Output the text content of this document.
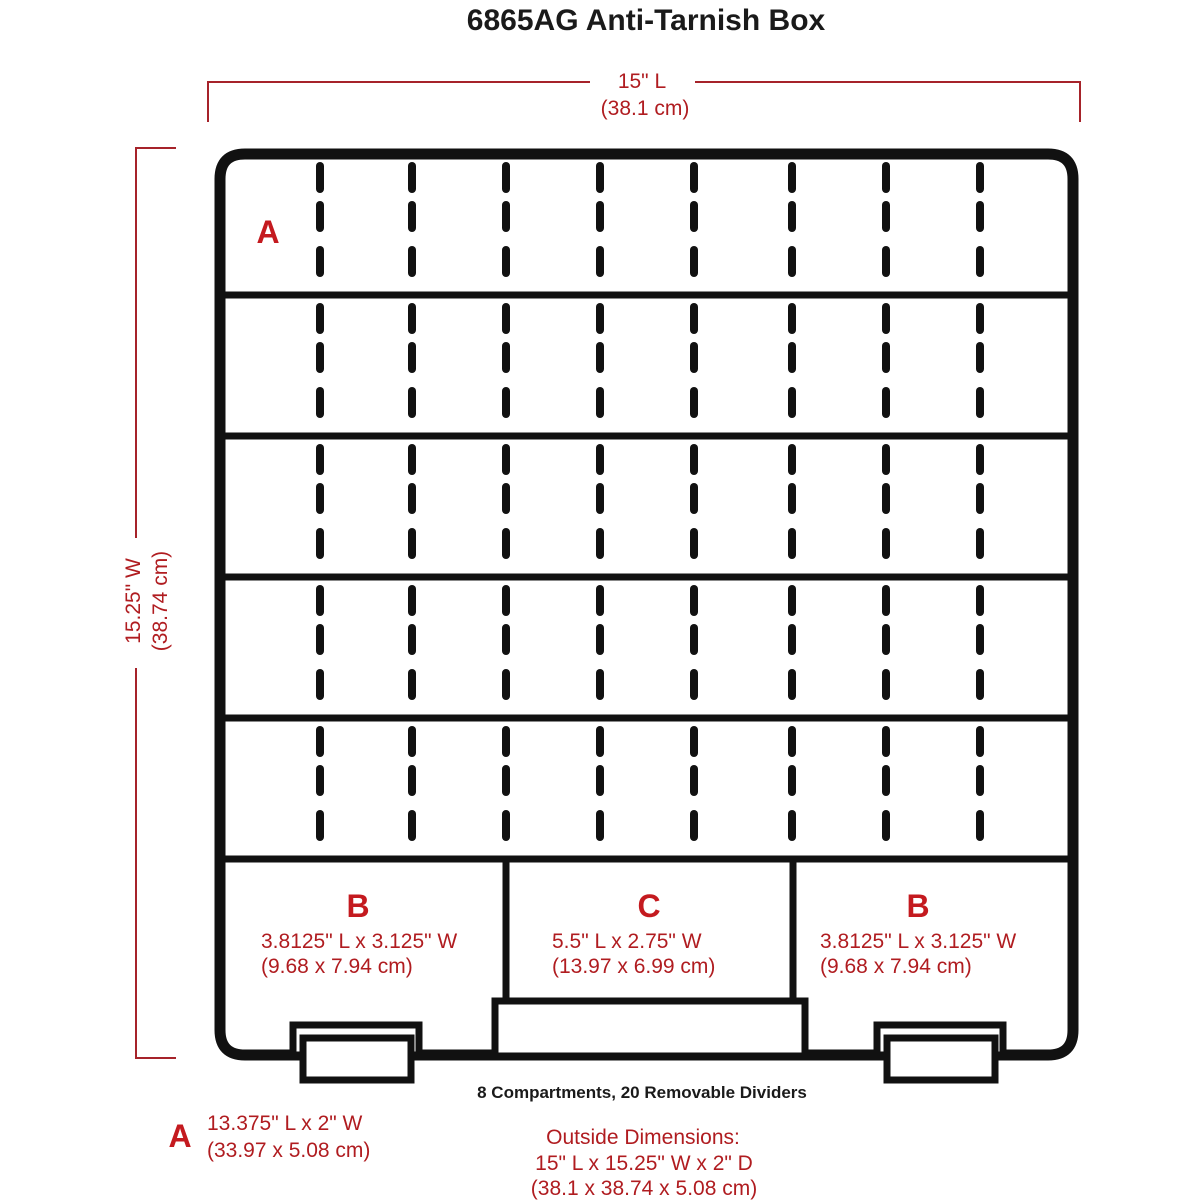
6865AG Anti-Tarnish Box
15" L
(38.1 cm)
15.25" W (38.74 cm)
A
B
3.8125" L x 3.125" W
(9.68 x 7.94 cm)
C
5.5" L x 2.75" W
(13.97 x 6.99 cm)
B
3.8125" L x 3.125" W
(9.68 x 7.94 cm)
8 Compartments, 20 Removable Dividers
A 13.375" L x 2" W
(33.97 x 5.08 cm)
Outside Dimensions:
15" L x 15.25" W x 2" D
(38.1 x 38.74 x 5.08 cm)
